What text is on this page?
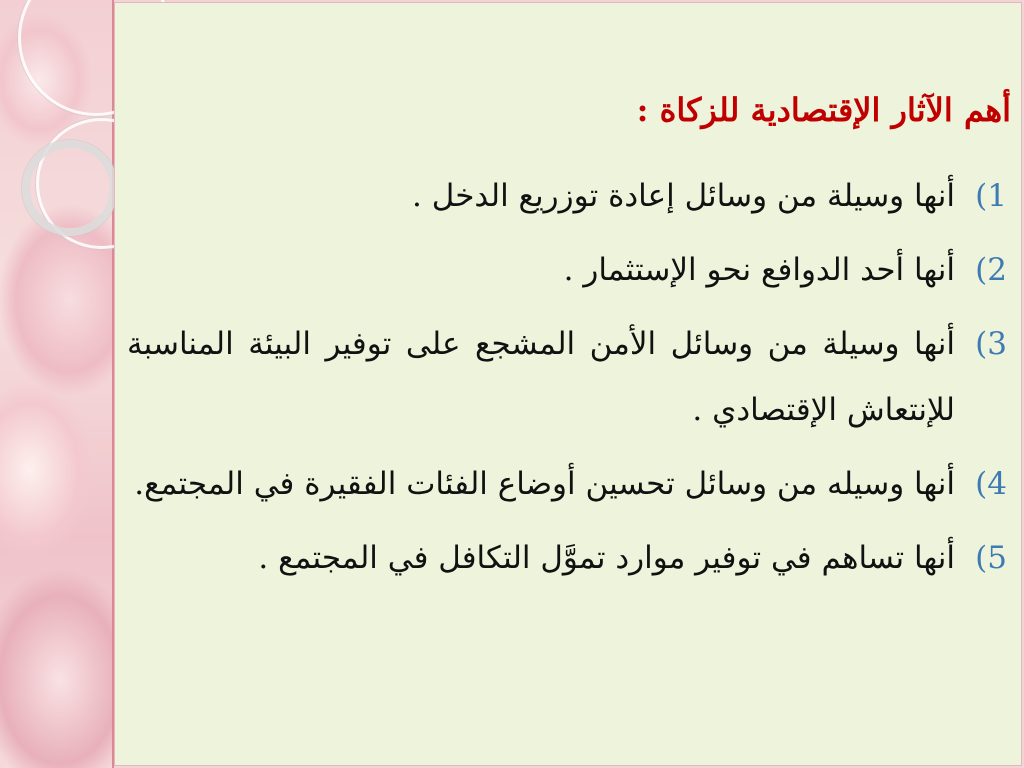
أهم الآثار الإقتصادية للزكاة :
1)
أنها وسيلة من وسائل إعادة توزريع الدخل .
2)
أنها أحد الدوافع نحو الإستثمار .
3)
أنها وسيلة من وسائل الأمن المشجع على توفير البيئة المناسبة للإنتعاش الإقتصادي .
4)
أنها وسيله من وسائل تحسين أوضاع الفئات الفقيرة في المجتمع.
5)
أنها تساهم في توفير موارد تموَّل التكافل في المجتمع .
